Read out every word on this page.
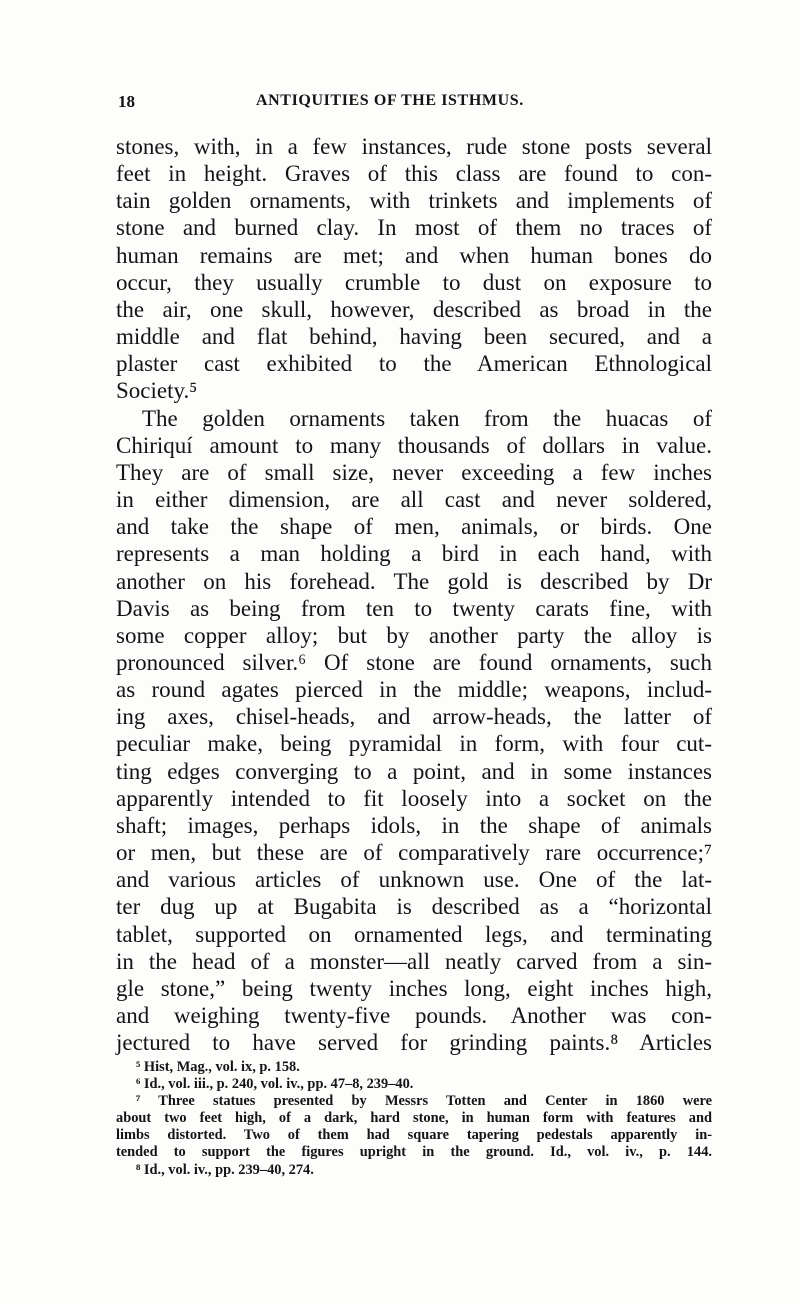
18	ANTIQUITIES OF THE ISTHMUS.
stones, with, in a few instances, rude stone posts several
feet in height. Graves of this class are found to con-
tain golden ornaments, with trinkets and implements of
stone and burned clay. In most of them no traces of
human remains are met; and when human bones do
occur, they usually crumble to dust on exposure to
the air, one skull, however, described as broad in the
middle and flat behind, having been secured, and a
plaster cast exhibited to the American Ethnological
Society.⁵
The golden ornaments taken from the huacas of
Chiriquí amount to many thousands of dollars in value.
They are of small size, never exceeding a few inches
in either dimension, are all cast and never soldered,
and take the shape of men, animals, or birds. One
represents a man holding a bird in each hand, with
another on his forehead. The gold is described by Dr
Davis as being from ten to twenty carats fine, with
some copper alloy; but by another party the alloy is
pronounced silver.⁶ Of stone are found ornaments, such
as round agates pierced in the middle; weapons, includ-
ing axes, chisel-heads, and arrow-heads, the latter of
peculiar make, being pyramidal in form, with four cut-
ting edges converging to a point, and in some instances
apparently intended to fit loosely into a socket on the
shaft; images, perhaps idols, in the shape of animals
or men, but these are of comparatively rare occurrence;⁷
and various articles of unknown use. One of the lat-
ter dug up at Bugabita is described as a “horizontal
tablet, supported on ornamented legs, and terminating
in the head of a monster—all neatly carved from a sin-
gle stone,” being twenty inches long, eight inches high,
and weighing twenty-five pounds. Another was con-
jectured to have served for grinding paints.⁸ Articles
⁵ Hist, Mag., vol. ix, p. 158.
⁶ Id., vol. iii., p. 240, vol. iv., pp. 47–8, 239–40.
⁷ Three statues presented by Messrs Totten and Center in 1860 were
about two feet high, of a dark, hard stone, in human form with features and
limbs distorted. Two of them had square tapering pedestals apparently in-
tended to support the figures upright in the ground. Id., vol. iv., p. 144.
⁸ Id., vol. iv., pp. 239–40, 274.
